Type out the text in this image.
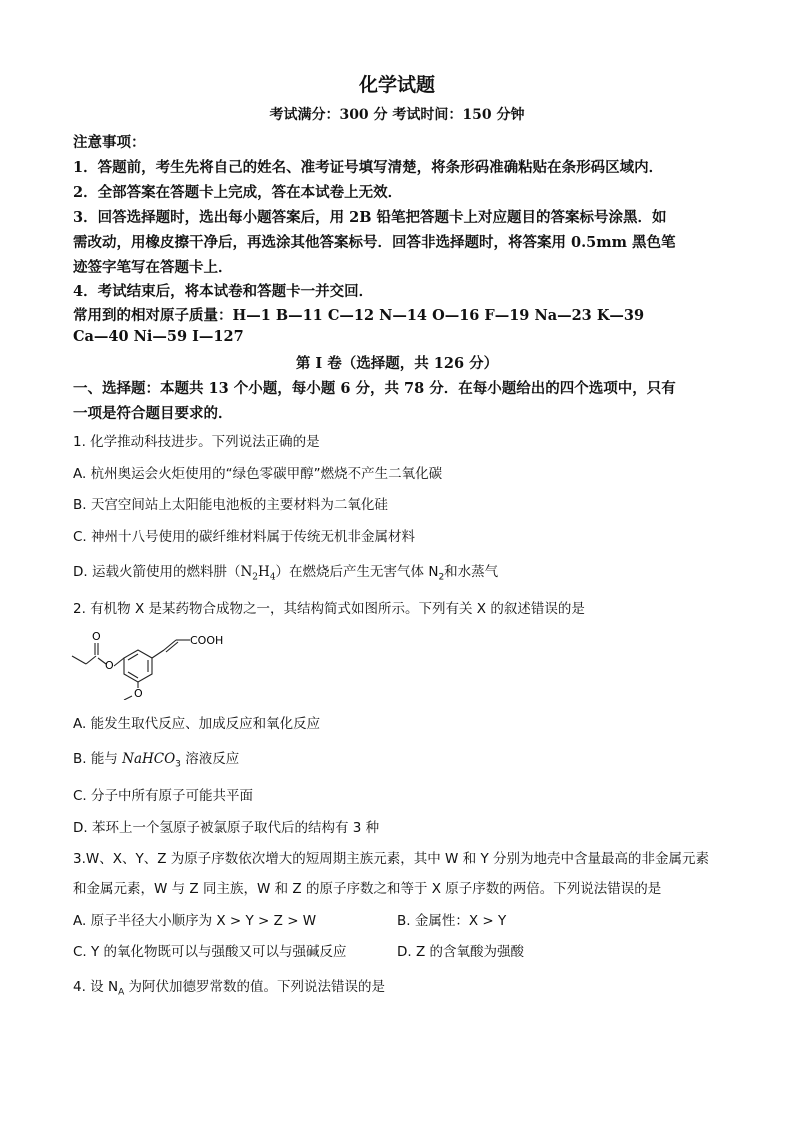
化学试题
考试满分：300 分 考试时间：150 分钟
注意事项：
1．答题前，考生先将自己的姓名、准考证号填写清楚，将条形码准确粘贴在条形码区域内．
2．全部答案在答题卡上完成，答在本试卷上无效．
3．回答选择题时，选出每小题答案后，用 2B 铅笔把答题卡上对应题目的答案标号涂黑．如
需改动，用橡皮擦干净后，再选涂其他答案标号．回答非选择题时，将答案用 0.5mm 黑色笔
迹签字笔写在答题卡上．
4．考试结束后，将本试卷和答题卡一并交回．
常用到的相对原子质量：H—1 B—11 C—12 N—14 O—16 F—19 Na—23 K—39
Ca—40 Ni—59 I—127
第 I 卷（选择题，共 126 分）
一、选择题：本题共 13 个小题，每小题 6 分，共 78 分．在每小题给出的四个选项中，只有
一项是符合题目要求的．
1. 化学推动科技进步。下列说法正确的是
A. 杭州奥运会火炬使用的“绿色零碳甲醇”燃烧不产生二氧化碳
B. 天宫空间站上太阳能电池板的主要材料为二氧化硅
C. 神州十八号使用的碳纤维材料属于传统无机非金属材料
D. 运载火箭使用的燃料肼$(N_2H_4)$在燃烧后产生无害气体 $N_2$和水蒸气
2. 有机物 X 是某药物合成物之一，其结构简式如图所示。下列有关 X 的叙述错误的是
O
O
O
COOH
A. 能发生取代反应、加成反应和氧化反应
B. 能与 NaHCO$_3$ 溶液反应
C. 分子中所有原子可能共平面
D. 苯环上一个氢原子被氯原子取代后的结构有 3 种
3.W、X、Y、Z 为原子序数依次增大的短周期主族元素，其中 W 和 Y 分别为地壳中含量最高的非金属元素
和金属元素，W 与 Z 同主族，W 和 Z 的原子序数之和等于 X 原子序数的两倍。下列说法错误的是
A. 原子半径大小顺序为 X > Y > Z > W	B. 金属性：X > Y
C. Y 的氧化物既可以与强酸又可以与强碱反应	D. Z 的含氧酸为强酸
4. 设 $N_A$ 为阿伏加德罗常数的值。下列说法错误的是
